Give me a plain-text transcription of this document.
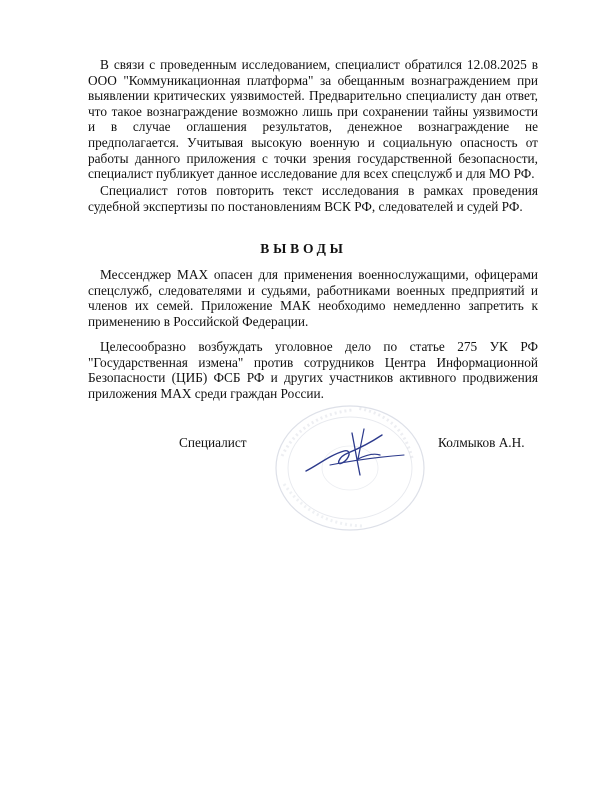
В связи с проведенным исследованием, специалист обратился 12.08.2025 в ООО "Коммуникационная платформа" за обещанным вознаграждением при выявлении критических уязвимостей. Предварительно специалисту дан ответ, что такое вознаграждение возможно лишь при сохранении тайны уязвимости и в случае оглашения результатов, денежное вознаграждение не предполагается. Учитывая высокую военную и социальную опасность от работы данного приложения с точки зрения государственной безопасности, специалист публикует данное исследование для всех спецслужб и для МО РФ.

Специалист готов повторить текст исследования в рамках проведения судебной экспертизы по постановлениям ВСК РФ, следователей и судей РФ.

ВЫВОДЫ

Мессенджер MAX опасен для применения военнослужащими, офицерами спецслужб, следователями и судьями, работниками военных предприятий и членов их семей. Приложение МАК необходимо немедленно запретить к применению в Российской Федерации.

Целесообразно возбуждать уголовное дело по статье 275 УК РФ "Государственная измена" против сотрудников Центра Информационной Безопасности (ЦИБ) ФСБ РФ и других участников активного продвижения приложения MAX среди граждан России.

Специалист	Колмыков А.Н.
